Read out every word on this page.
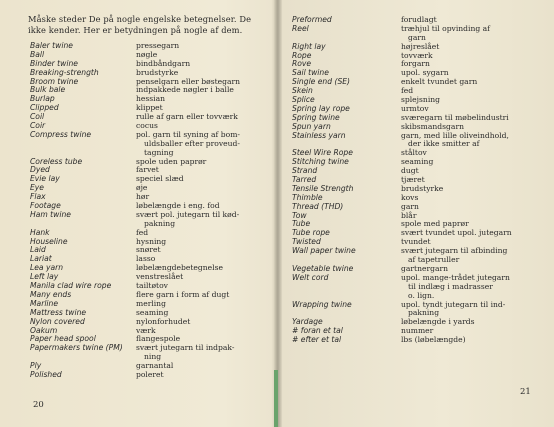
Måske steder De på nogle engelske betegnelser. De ikke kender. Her er betydningen på nogle af dem.
Baler twine	pressegarn
Ball	nøgle
Binder twine	bindbåndgarn
Breaking-strength	brudstyrke
Broom twine	penselgarn eller bøstegarn
Bulk bale	indpakkede nøgler i balle
Burlap	hessian
Clipped	klippet
Coil	rulle af garn eller tovværk
Coir	cocus
Compress twine	pol. garn til syning af bom-
uldsballer efter proveud-
tagning
Coreless tube	spole uden paprør
Dyed	farvet
Evie lay	speciel slæd
Eye	øje
Flax	hør
Footage	løbelængde i eng. fod
Ham twine	svært pol. jutegarn til kød-
pakning
Hank	fed
Houseline	hysning
Laid	snøret
Lariat	lasso
Lea yarn	løbelængdebetegnelse
Left lay	venstreslået
Manila clad wire rope	tailtøtov
Many ends	flere garn i form af dugt
Marline	merling
Mattress twine	seaming
Nylon covered	nylonforhudet
Oakum	værk
Paper head spool	flangespole
Papermakers twine (PM) svært jutegarn til indpak-
ning
Ply	garnantal
Polished	poleret
20
Preformed	forudlagt
Reel	træhjul til opvinding af
garn
Right lay	højreslået
Rope	tovværk
Rove	forgarn
Sail twine	upol. sygarn
Single end (SE)	enkelt tvundet garn
Skein	fed
Splice	splejsning
Spring lay rope	urmtov
Spring twine	sværegarn til møbelindustri
Spun yarn	skibsmandsgarn
Stainless yarn	garn, med lille oliveindhold,
der ikke smitter af
Steel Wire Rope	ståltov
Stitching twine	seaming
Strand	dugt
Tarred	tjæret
Tensile Strength	brudstyrke
Thimble	kovs
Thread (THD)	garn
Tow	blår
Tube	spole med paprør
Tube rope	svært tvundet upol. jutegarn
Twisted	tvundet
Wall paper twine	svært jutegarn til afbinding
af tapetruller
Vegetable twine	gartnergarn
Welt cord	upol. mange-trådet jutegarn
til indlæg i madrasser
o. lign.
Wrapping twine	upol. tyndt jutegarn til ind-
pakning
Yardage	løbelængde i yards
# foran et tal	nummer
# efter et tal	lbs (løbelængde)
21
